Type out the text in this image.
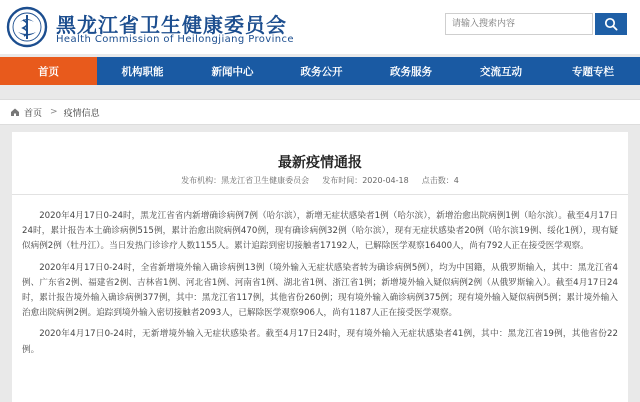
黑龙江省卫生健康委员会
Health Commission of Heilongjiang Province
请输入搜索内容
首页	机构职能	新闻中心	政务公开	政务服务	交流互动	专题专栏
首页 > 疫情信息
最新疫情通报
发布机构：黑龙江省卫生健康委员会 发布时间：2020-04-18 点击数：4

2020年4月17日0-24时，黑龙江省省内新增确诊病例7例（哈尔滨），新增无症状感染者1例（哈尔滨），新增治愈出院病例1例（哈尔滨）。截至4月17日24时，累计报告本土确诊病例515例，累计治愈出院病例470例，现有确诊病例32例（哈尔滨），现有无症状感染者20例（哈尔滨19例、绥化1例），现有疑似病例2例（牡丹江）。当日发热门诊诊疗人数1155人。累计追踪到密切接触者17192人，已解除医学观察16400人，尚有792人正在接受医学观察。

2020年4月17日0-24时，全省新增境外输入确诊病例13例（境外输入无症状感染者转为确诊病例5例），均为中国籍，从俄罗斯输入，其中：黑龙江省4例、广东省2例、福建省2例、吉林省1例、河北省1例、河南省1例、湖北省1例、浙江省1例；新增境外输入疑似病例2例（从俄罗斯输入）。截至4月17日24时，累计报告境外输入确诊病例377例，其中：黑龙江省117例，其他省份260例；现有境外输入确诊病例375例；现有境外输入疑似病例5例；累计境外输入治愈出院病例2例。追踪到境外输入密切接触者2093人，已解除医学观察906人，尚有1187人正在接受医学观察。

2020年4月17日0-24时，无新增境外输入无症状感染者。截至4月17日24时，现有境外输入无症状感染者41例，其中：黑龙江省19例，其他省份22例。
